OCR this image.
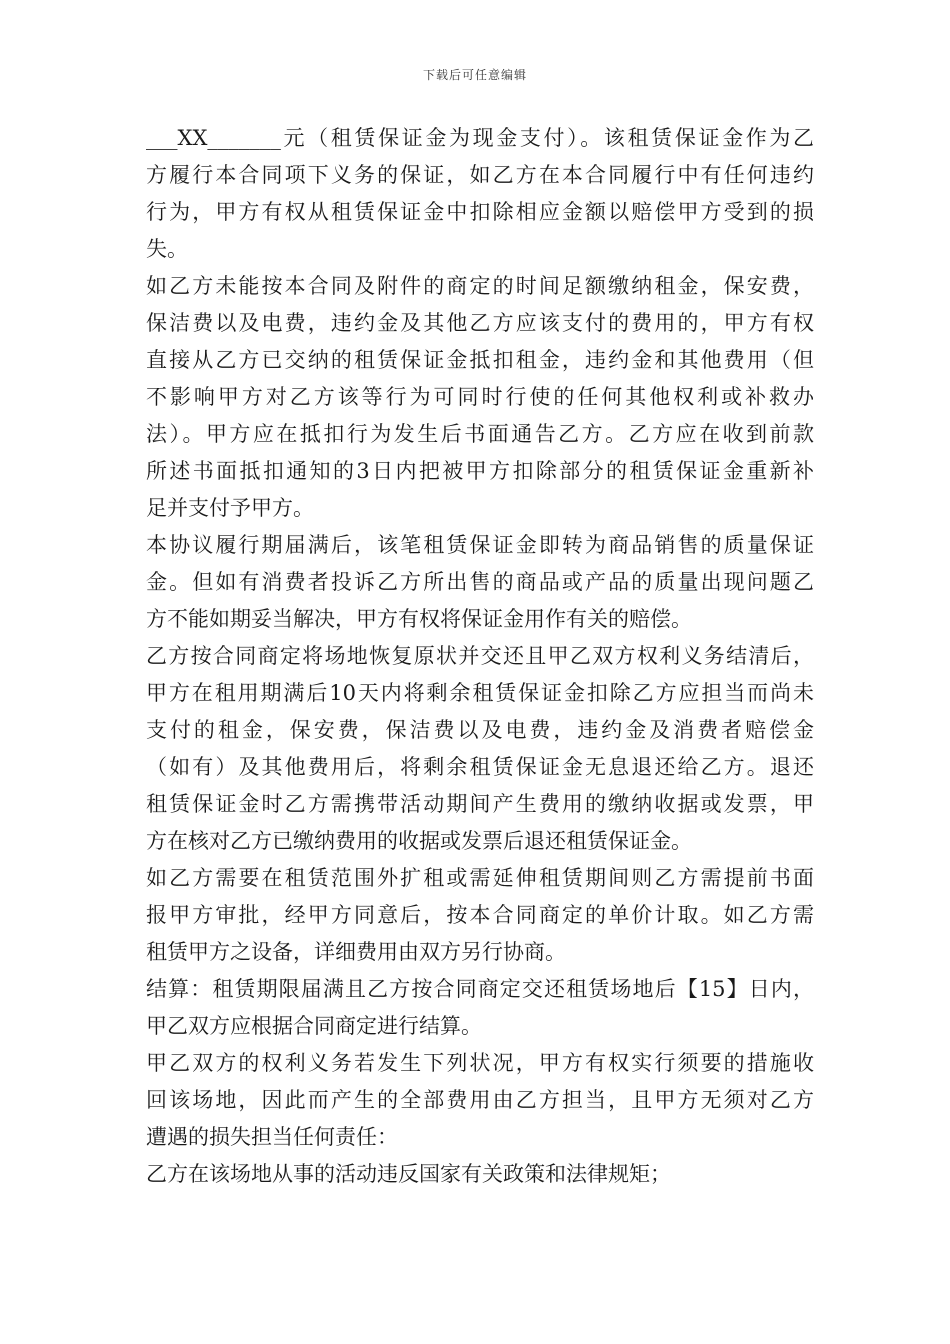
下载后可任意编辑
___XX_______元（租赁保证金为现金支付）。该租赁保证金作为乙
方履行本合同项下义务的保证，如乙方在本合同履行中有任何违约
行为，甲方有权从租赁保证金中扣除相应金额以赔偿甲方受到的损
失。
如乙方未能按本合同及附件的商定的时间足额缴纳租金，保安费，
保洁费以及电费，违约金及其他乙方应该支付的费用的，甲方有权
直接从乙方已交纳的租赁保证金抵扣租金，违约金和其他费用（但
不影响甲方对乙方该等行为可同时行使的任何其他权利或补救办
法）。甲方应在抵扣行为发生后书面通告乙方。乙方应在收到前款
所述书面抵扣通知的3日内把被甲方扣除部分的租赁保证金重新补
足并支付予甲方。
本协议履行期届满后，该笔租赁保证金即转为商品销售的质量保证
金。但如有消费者投诉乙方所出售的商品或产品的质量出现问题乙
方不能如期妥当解决，甲方有权将保证金用作有关的赔偿。
乙方按合同商定将场地恢复原状并交还且甲乙双方权利义务结清后，
甲方在租用期满后10天内将剩余租赁保证金扣除乙方应担当而尚未
支付的租金，保安费，保洁费以及电费，违约金及消费者赔偿金
（如有）及其他费用后，将剩余租赁保证金无息退还给乙方。退还
租赁保证金时乙方需携带活动期间产生费用的缴纳收据或发票，甲
方在核对乙方已缴纳费用的收据或发票后退还租赁保证金。
如乙方需要在租赁范围外扩租或需延伸租赁期间则乙方需提前书面
报甲方审批，经甲方同意后，按本合同商定的单价计取。如乙方需
租赁甲方之设备，详细费用由双方另行协商。
结算：租赁期限届满且乙方按合同商定交还租赁场地后【15】日内，
甲乙双方应根据合同商定进行结算。
甲乙双方的权利义务若发生下列状况，甲方有权实行须要的措施收
回该场地，因此而产生的全部费用由乙方担当，且甲方无须对乙方
遭遇的损失担当任何责任：
乙方在该场地从事的活动违反国家有关政策和法律规矩；
